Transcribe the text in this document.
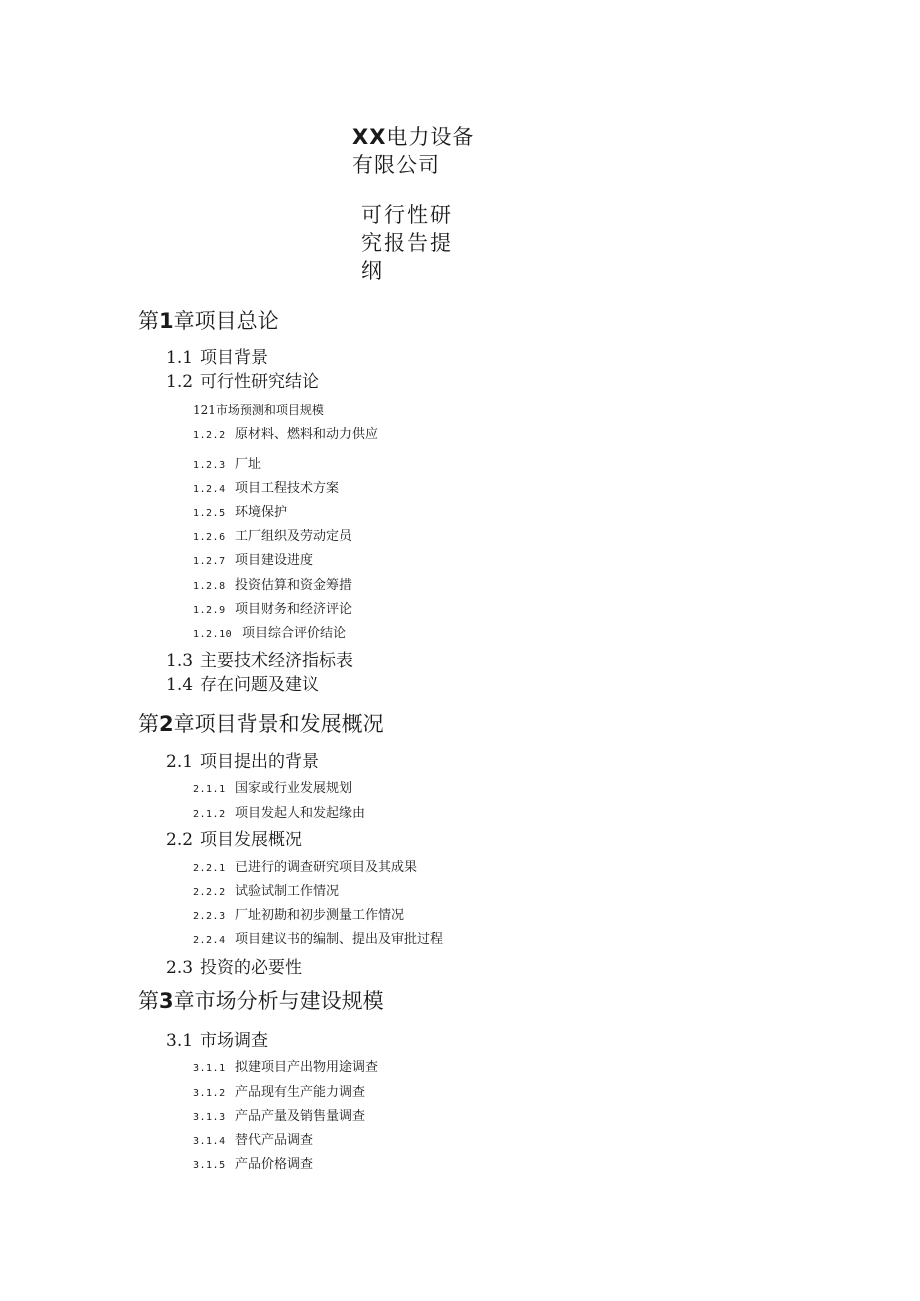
XX电力设备
有限公司
可行性研
究报告提
纲
第1章项目总论
1.1 项目背景
1.2 可行性研究结论
121市场预测和项目规模
1.2.2 原材料、燃料和动力供应
1.2.3 厂址
1.2.4 项目工程技术方案
1.2.5 环境保护
1.2.6 工厂组织及劳动定员
1.2.7 项目建设进度
1.2.8 投资估算和资金筹措
1.2.9 项目财务和经济评论
1.2.10 项目综合评价结论
1.3 主要技术经济指标表
1.4 存在问题及建议
第2章项目背景和发展概况
2.1 项目提出的背景
2.1.1 国家或行业发展规划
2.1.2 项目发起人和发起缘由
2.2 项目发展概况
2.2.1 已进行的调查研究项目及其成果
2.2.2 试验试制工作情况
2.2.3 厂址初勘和初步测量工作情况
2.2.4 项目建议书的编制、提出及审批过程
2.3 投资的必要性
第3章市场分析与建设规模
3.1 市场调查
3.1.1 拟建项目产出物用途调查
3.1.2 产品现有生产能力调查
3.1.3 产品产量及销售量调查
3.1.4 替代产品调查
3.1.5 产品价格调查
